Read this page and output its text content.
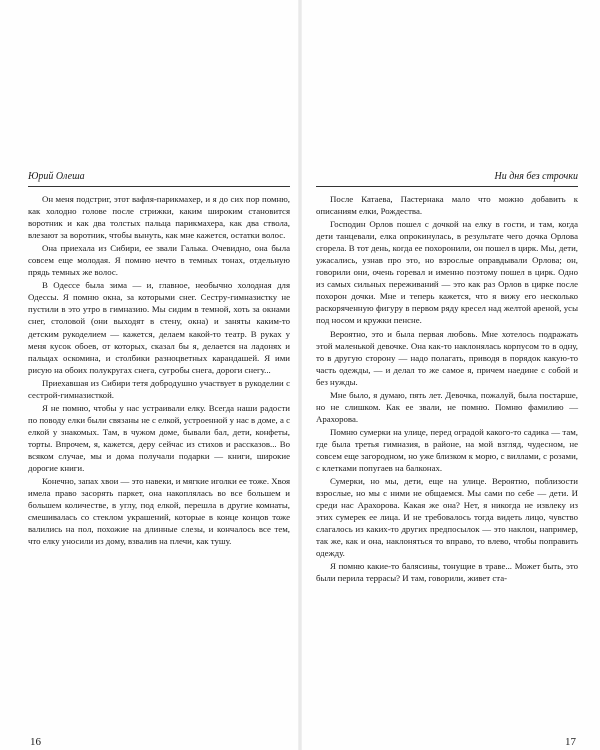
Юрий Олеша

Он меня подстриг, этот вафля-парикмахер, и я до сих пор помню, как холодно голове после стрижки, каким широким становится воротник и как два толстых пальца парикмахера, как два ствола, влезают за воротник, чтобы вынуть, как мне кажется, остатки волос.

Она приехала из Сибири, ее звали Галька. Очевидно, она была совсем еще молодая. Я помню нечто в темных тонах, отдельную прядь темных же волос.

В Одессе была зима — и, главное, необычно холодная для Одессы. Я помню окна, за которыми снег. Сестру-гимназистку не пустили в это утро в гимназию. Мы сидим в темной, хоть за окнами снег, столовой (они выходят в стену, окна) и заняты каким-то детским рукоделием — кажется, делаем какой-то театр. В руках у меня кусок обоев, от которых, сказал бы я, делается на ладонях и пальцах оскомина, и столбики разноцветных карандашей. Я ими рисую на обоих полукругах снега, сугробы снега, дороги снегу...

Приехавшая из Сибири тетя добродушно участвует в рукоделии с сестрой-гимназисткой.

Я не помню, чтобы у нас устраивали елку. Всегда наши радости по поводу елки были связаны не с елкой, устроенной у нас в доме, а с елкой у знакомых. Там, в чужом доме, бывали бал, дети, конфеты, торты. Впрочем, я, кажется, деру сейчас из стихов и рассказов... Во всяком случае, мы и дома получали подарки — книги, широкие дорогие книги.

Конечно, запах хвои — это навеки, и мягкие иголки ее тоже. Хвоя имела право засорять паркет, она накоплялась во все большем и большем количестве, в углу, под елкой, перешла в другие комнаты, смешивалась со стеклом украшений, которые в конце концов тоже валились на пол, похожие на длинные слезы, и кончалось все тем, что елку уносили из дому, взвалив на плечи, как тушу.

16
Ни дня без строчки

После Катаева, Пастернака мало что можно добавить к описаниям елки, Рождества.

Господин Орлов пошел с дочкой на елку в гости, и там, когда дети танцевали, елка опрокинулась, в результате чего дочка Орлова сгорела. В тот день, когда ее похоронили, он пошел в цирк. Мы, дети, ужасались, узнав про это, но взрослые оправдывали Орлова; он, говорили они, очень горевал и именно поэтому пошел в цирк. Одно из самых сильных переживаний — это как раз Орлов в цирке после похорон дочки. Мне и теперь кажется, что я вижу его несколько раскоряченную фигуру в первом ряду кресел над желтой ареной, усы под носом и кружки пенсне.

Вероятно, это и была первая любовь. Мне хотелось подражать этой маленькой девочке. Она как-то наклонялась корпусом то в одну, то в другую сторону — надо полагать, приводя в порядок какую-то часть одежды, — и делал то же самое я, причем наедине с собой и без нужды.

Мне было, я думаю, пять лет. Девочка, пожалуй, была постарше, но не слишком. Как ее звали, не помню. Помню фамилию — Арахорова.

Помню сумерки на улице, перед оградой какого-то садика — там, где была третья гимназия, в районе, на мой взгляд, чудесном, не совсем еще загородном, но уже близком к морю, с виллами, с розами, с клетками попугаев на балконах.

Сумерки, но мы, дети, еще на улице. Вероятно, поблизости взрослые, но мы с ними не общаемся. Мы сами по себе — дети. И среди нас Арахорова. Какая же она? Нет, я никогда не извлеку из этих сумерек ее лица. И не требовалось тогда видеть лицо, чувство слагалось из каких-то других предпосылок — это наклон, например, так же, как и она, наклоняться то вправо, то влево, чтобы поправить одежду.

Я помню какие-то балясины, тонущие в траве... Может быть, это были перила террасы? И там, говорили, живет ста-

17
